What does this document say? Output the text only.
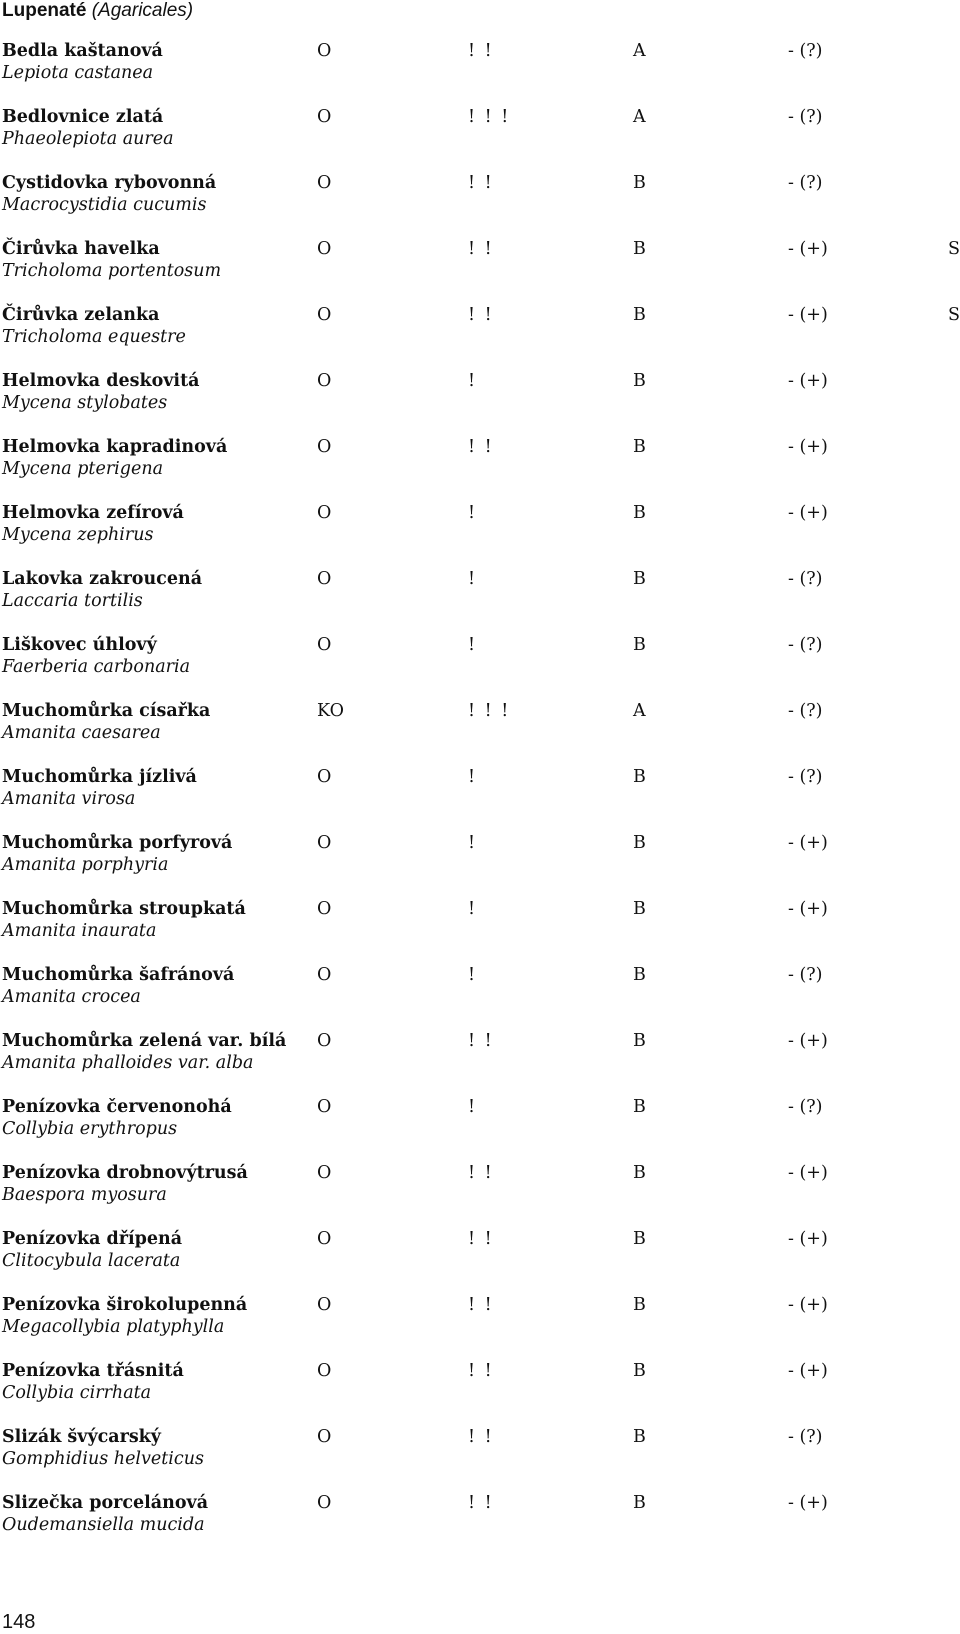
Lupenaté (Agaricales)
Bedla kaštanová
Lepiota castanea
O	! !	A	- (?)
Bedlovnice zlatá
Phaeolepiota aurea
O	! ! !	A	- (?)
Cystidovka rybovonná
Macrocystidia cucumis
O	! !	B	- (?)
Čirůvka havelka
Tricholoma portentosum
O	! !	B	- (+)	S
Čirůvka zelanka
Tricholoma equestre
O	! !	B	- (+)	S
Helmovka deskovitá
Mycena stylobates
O	!	B	- (+)
Helmovka kapradinová
Mycena pterigena
O	! !	B	- (+)
Helmovka zefírová
Mycena zephirus
O	!	B	- (+)
Lakovka zakroucená
Laccaria tortilis
O	!	B	- (?)
Liškovec úhlový
Faerberia carbonaria
O	!	B	- (?)
Muchomůrka císařka
Amanita caesarea
KO	! ! !	A	- (?)
Muchomůrka jízlivá
Amanita virosa
O	!	B	- (?)
Muchomůrka porfyrová
Amanita porphyria
O	!	B	- (+)
Muchomůrka stroupkatá
Amanita inaurata
O	!	B	- (+)
Muchomůrka šafránová
Amanita crocea
O	!	B	- (?)
Muchomůrka zelená var. bílá
Amanita phalloides var. alba
O	! !	B	- (+)
Penízovka červenonohá
Collybia erythropus
O	!	B	- (?)
Penízovka drobnovýtrusá
Baespora myosura
O	! !	B	- (+)
Penízovka dřípená
Clitocybula lacerata
O	! !	B	- (+)
Penízovka širokolupenná
Megacollybia platyphylla
O	! !	B	- (+)
Penízovka třásnitá
Collybia cirrhata
O	! !	B	- (+)
Slizák švýcarský
Gomphidius helveticus
O	! !	B	- (?)
Slizečka porcelánová
Oudemansiella mucida
O	! !	B	- (+)
148
